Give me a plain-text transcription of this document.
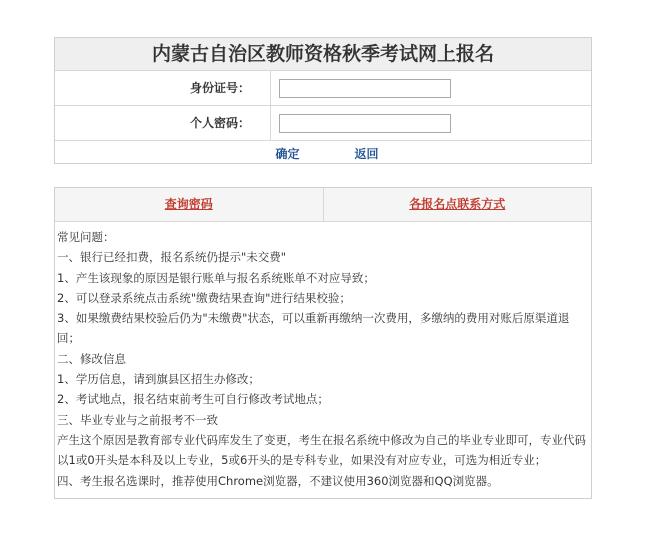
内蒙古自治区教师资格秋季考试网上报名
身份证号：
个人密码：
确定	返回
查询密码	各报名点联系方式

常见问题：

一、银行已经扣费，报名系统仍提示"未交费"

1、产生该现象的原因是银行账单与报名系统账单不对应导致；

2、可以登录系统点击系统"缴费结果查询"进行结果校验；

3、如果缴费结果校验后仍为"未缴费"状态，可以重新再缴纳一次费用，多缴纳的费用对账后原渠道退回；

二、修改信息

1、学历信息，请到旗县区招生办修改；

2、考试地点，报名结束前考生可自行修改考试地点；

三、毕业专业与之前报考不一致

产生这个原因是教育部专业代码库发生了变更，考生在报名系统中修改为自己的毕业专业即可，专业代码以1或0开头是本科及以上专业，5或6开头的是专科专业，如果没有对应专业，可选为相近专业；

四、考生报名选课时，推荐使用Chrome浏览器，不建议使用360浏览器和QQ浏览器。
